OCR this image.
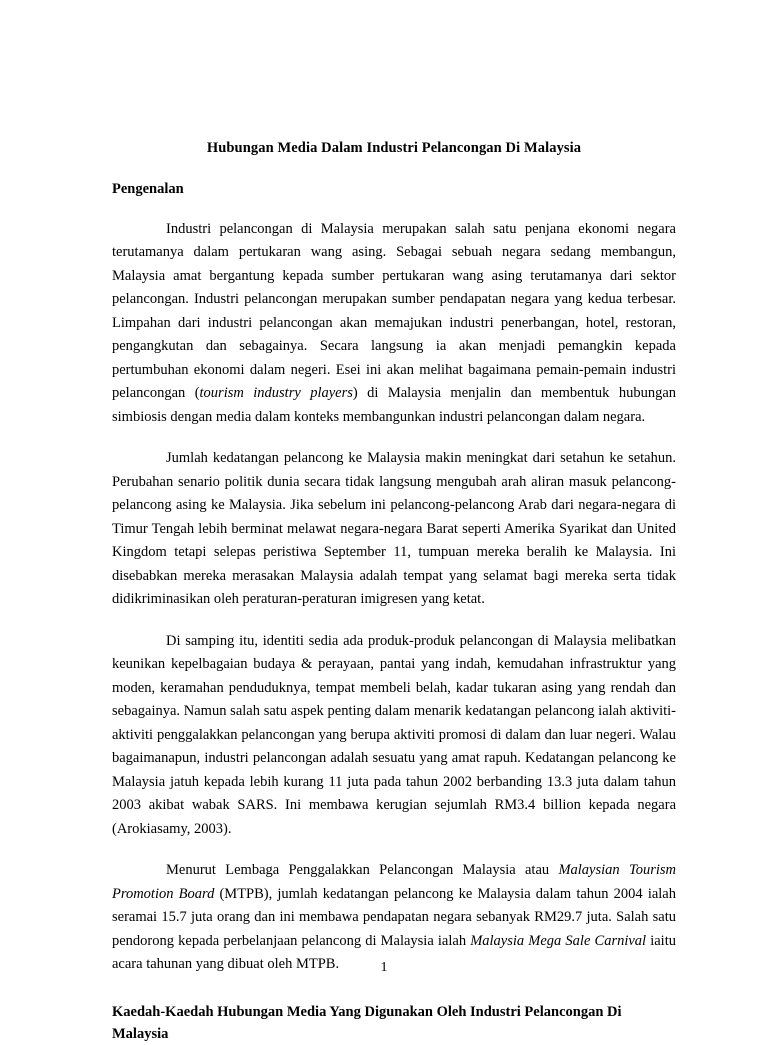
Hubungan Media Dalam Industri Pelancongan Di Malaysia
Pengenalan

Industri pelancongan di Malaysia merupakan salah satu penjana ekonomi negara terutamanya dalam pertukaran wang asing. Sebagai sebuah negara sedang membangun, Malaysia amat bergantung kepada sumber pertukaran wang asing terutamanya dari sektor pelancongan. Industri pelancongan merupakan sumber pendapatan negara yang kedua terbesar. Limpahan dari industri pelancongan akan memajukan industri penerbangan, hotel, restoran, pengangkutan dan sebagainya. Secara langsung ia akan menjadi pemangkin kepada pertumbuhan ekonomi dalam negeri. Esei ini akan melihat bagaimana pemain-pemain industri pelancongan (tourism industry players) di Malaysia menjalin dan membentuk hubungan simbiosis dengan media dalam konteks membangunkan industri pelancongan dalam negara.

Jumlah kedatangan pelancong ke Malaysia makin meningkat dari setahun ke setahun. Perubahan senario politik dunia secara tidak langsung mengubah arah aliran masuk pelancong-pelancong asing ke Malaysia. Jika sebelum ini pelancong-pelancong Arab dari negara-negara di Timur Tengah lebih berminat melawat negara-negara Barat seperti Amerika Syarikat dan United Kingdom tetapi selepas peristiwa September 11, tumpuan mereka beralih ke Malaysia. Ini disebabkan mereka merasakan Malaysia adalah tempat yang selamat bagi mereka serta tidak didikriminasikan oleh peraturan-peraturan imigresen yang ketat.

Di samping itu, identiti sedia ada produk-produk pelancongan di Malaysia melibatkan keunikan kepelbagaian budaya & perayaan, pantai yang indah, kemudahan infrastruktur yang moden, keramahan penduduknya, tempat membeli belah, kadar tukaran asing yang rendah dan sebagainya. Namun salah satu aspek penting dalam menarik kedatangan pelancong ialah aktiviti-aktiviti penggalakkan pelancongan yang berupa aktiviti promosi di dalam dan luar negeri. Walau bagaimanapun, industri pelancongan adalah sesuatu yang amat rapuh. Kedatangan pelancong ke Malaysia jatuh kepada lebih kurang 11 juta pada tahun 2002 berbanding 13.3 juta dalam tahun 2003 akibat wabak SARS. Ini membawa kerugian sejumlah RM3.4 billion kepada negara (Arokiasamy, 2003).

Menurut Lembaga Penggalakkan Pelancongan Malaysia atau Malaysian Tourism Promotion Board (MTPB), jumlah kedatangan pelancong ke Malaysia dalam tahun 2004 ialah seramai 15.7 juta orang dan ini membawa pendapatan negara sebanyak RM29.7 juta. Salah satu pendorong kepada perbelanjaan pelancong di Malaysia ialah Malaysia Mega Sale Carnival iaitu acara tahunan yang dibuat oleh MTPB.

Kaedah-Kaedah Hubungan Media Yang Digunakan Oleh Industri Pelancongan Di Malaysia
1
